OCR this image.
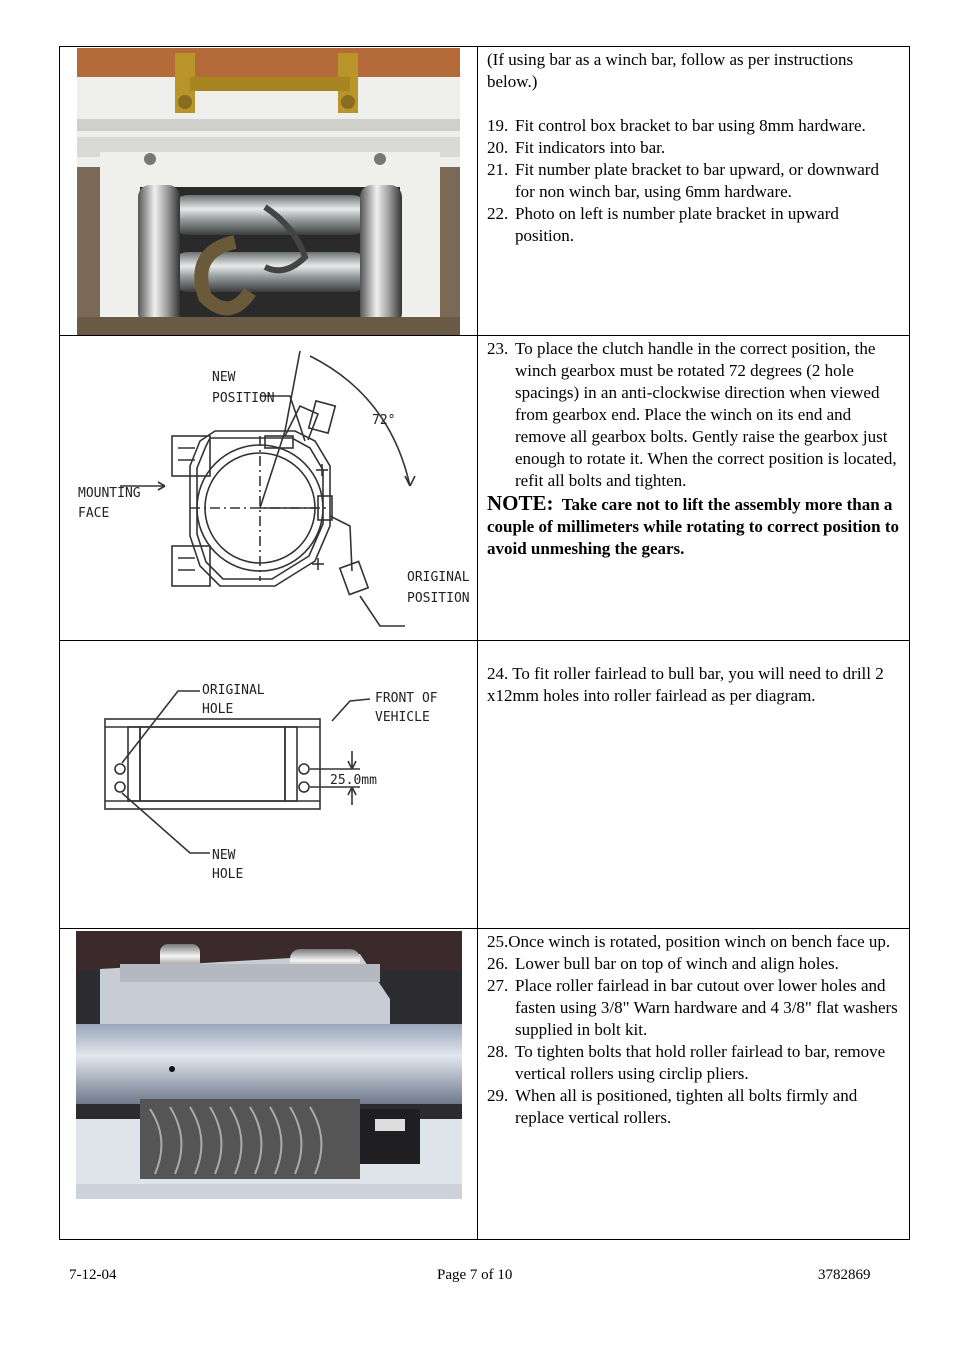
(If using bar as a winch bar, follow as per instructions below.)

19. Fit control box bracket to bar using 8mm hardware.
20. Fit indicators into bar.
21. Fit number plate bracket to bar upward, or downward for non winch bar, using 6mm hardware.
22. Photo on left is number plate bracket in upward position.
NEW
POSITION
72°
MOUNTING
FACE
ORIGINAL
POSITION
23. To place the clutch handle in the correct position, the winch gearbox must be rotated 72 degrees (2 hole spacings) in an anti-clockwise direction when viewed from gearbox end. Place the winch on its end and remove all gearbox bolts. Gently raise the gearbox just enough to rotate it. When the correct position is located, refit all bolts and tighten.

NOTE: Take care not to lift the assembly more than a couple of millimeters while rotating to correct position to avoid unmeshing the gears.

ORIGINAL
HOLE
FRONT OF
VEHICLE
25.0mm
NEW
HOLE

24. To fit roller fairlead to bull bar, you will need to drill 2 x12mm holes into roller fairlead as per diagram.

25.Once winch is rotated, position winch on bench face up.

26. Lower bull bar on top of winch and align holes.
27. Place roller fairlead in bar cutout over lower holes and fasten using 3/8" Warn hardware and 4 3/8" flat washers supplied in bolt kit.
28. To tighten bolts that hold roller fairlead to bar, remove vertical rollers using circlip pliers.
29. When all is positioned, tighten all bolts firmly and replace vertical rollers.
7-12-04	Page 7 of 10	3782869
